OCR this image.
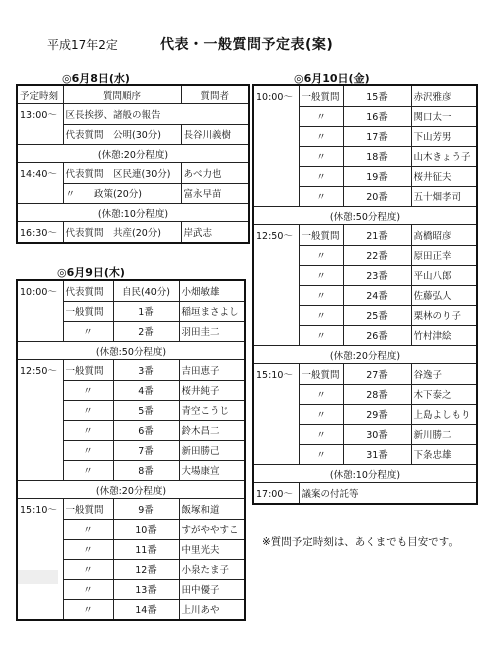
平成17年2定	代表・一般質問予定表(案)
◎6月8日(水)
予定時刻	質問順序	質問者
13:00～	区長挨拶、諸般の報告	
	代表質問　公明(30分)	長谷川義樹
(休憩:20分程度)		
14:40～	代表質問　区民連(30分)	あべ力也
	〃　　政策(20分)	富永早苗
(休憩:10分程度)		
16:30～	代表質問　共産(20分)	岸武志
◎6月9日(木)
10:00～	代表質問	自民(40分)	小畑敏雄
	一般質問	1番	稲垣まさよし
	〃	2番	羽田圭二
(休憩:50分程度)			
12:50～	一般質問	3番	吉田恵子
	〃	4番	桜井純子
	〃	5番	青空こうじ
	〃	6番	鈴木昌二
	〃	7番	新田勝己
	〃	8番	大場康宣
(休憩:20分程度)			
15:10～	一般質問	9番	飯塚和道
	〃	10番	すがややすこ
	〃	11番	中里光夫
	〃	12番	小泉たま子
	〃	13番	田中優子
	〃	14番	上川あや
◎6月10日(金)
10:00～	一般質問	15番	赤沢雅彦
	〃	16番	関口太一
	〃	17番	下山芳男
	〃	18番	山木きょう子
	〃	19番	桜井征夫
	〃	20番	五十畑孝司
(休憩:50分程度)			
12:50～	一般質問	21番	高橋昭彦
	〃	22番	原田正幸
	〃	23番	平山八郎
	〃	24番	佐藤弘人
	〃	25番	栗林のり子
	〃	26番	竹村津絵
(休憩:20分程度)			
15:10～	一般質問	27番	谷逸子
	〃	28番	木下泰之
	〃	29番	上島よしもり
	〃	30番	新川勝二
	〃	31番	下条忠雄
(休憩:10分程度)			
17:00～	議案の付託等		
※質問予定時刻は、あくまでも目安です。
